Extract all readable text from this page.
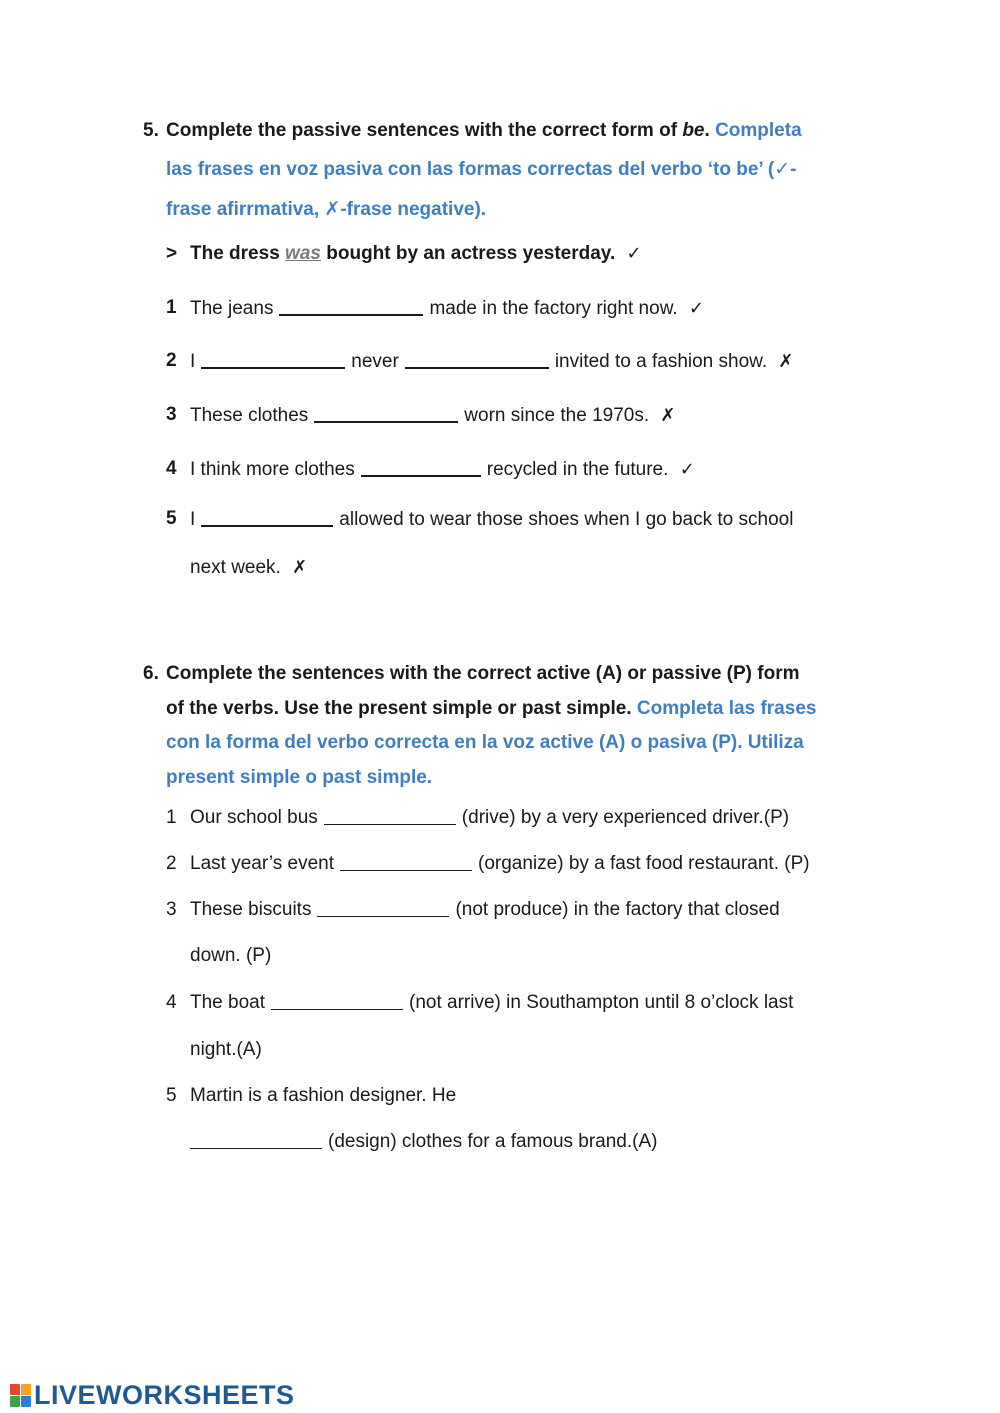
5. Complete the passive sentences with the correct form of be. Completa
las frases en voz pasiva con las formas correctas del verbo ‘to be’ (✓-
frase afirrmativa, ✗-frase negative).
> The dress was bought by an actress yesterday. ✓
1 The jeans	made in the factory right now. ✓
2 I	never	invited to a fashion show. ✗
3 These clothes	worn since the 1970s. ✗
4 I think more clothes	recycled in the future. ✓
5 I	allowed to wear those shoes when I go back to school
next week. ✗
6. Complete the sentences with the correct active (A) or passive (P) form
of the verbs. Use the present simple or past simple. Completa las frases
con la forma del verbo correcta en la voz active (A) o pasiva (P). Utiliza
present simple o past simple.
1 Our school bus	(drive) by a very experienced driver.(P)
2 Last year’s event	(organize) by a fast food restaurant. (P)
3 These biscuits	(not produce) in the factory that closed
down. (P)
4 The boat	(not arrive) in Southampton until 8 o’clock last
night.(A)
5 Martin is a fashion designer. He
(design) clothes for a famous brand.(A)
LIVEWORKSHEETS
